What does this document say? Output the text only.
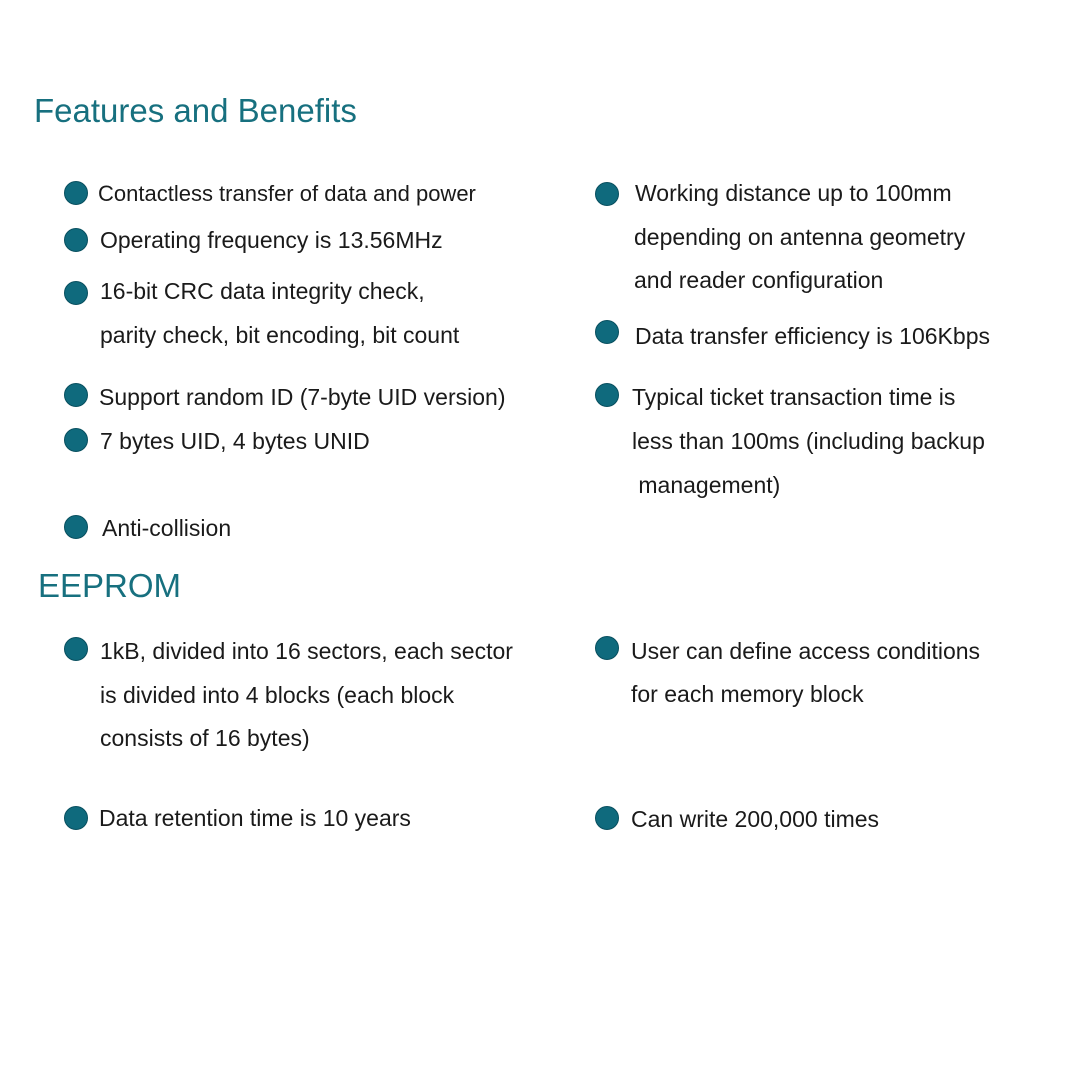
Features and Benefits
Contactless transfer of data and power
Operating frequency is 13.56MHz
16-bit CRC data integrity check,
parity check, bit encoding, bit count
Support random ID (7-byte UID version)
7 bytes UID, 4 bytes UNID
Anti-collision
Working distance up to 100mm
depending on antenna geometry
and reader configuration
Data transfer efficiency is 106Kbps
Typical ticket transaction time is
less than 100ms (including backup
management)
EEPROM
1kB, divided into 16 sectors, each sector
is divided into 4 blocks (each block
consists of 16 bytes)
Data retention time is 10 years
User can define access conditions
for each memory block
Can write 200,000 times
